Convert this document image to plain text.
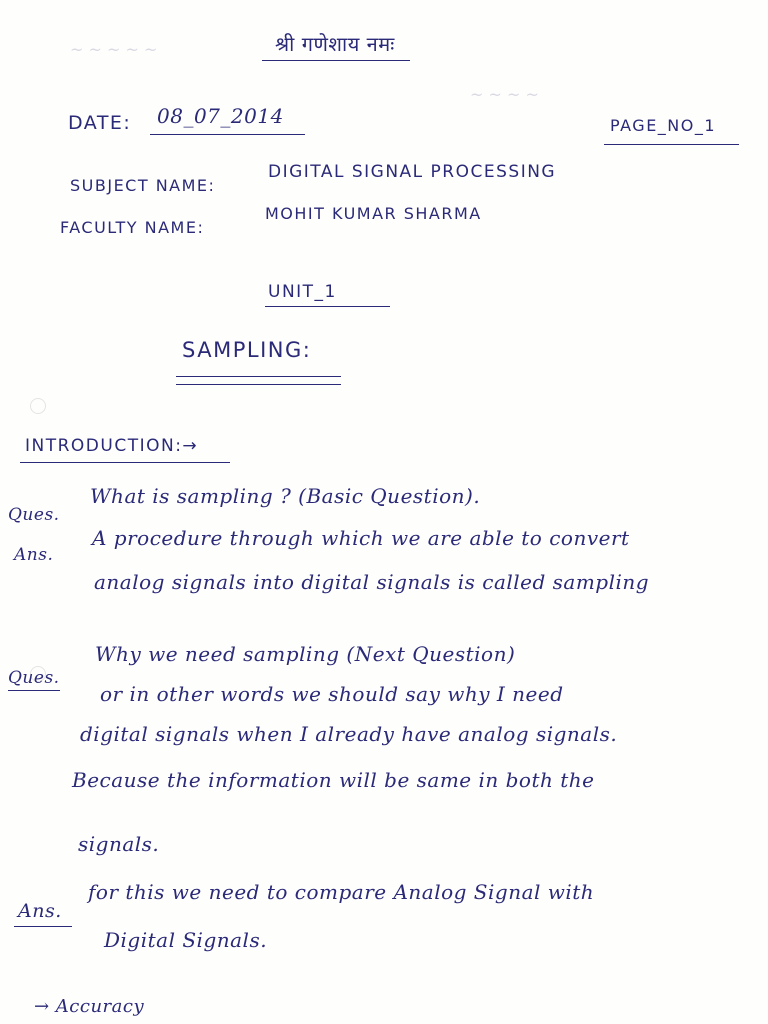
~ ~ ~ ~ ~
~ ~ ~ ~
श्री गणेशाय नमः
DATE: 08_07_2014	PAGE_NO_1
SUBJECT NAME:
DIGITAL SIGNAL PROCESSING
FACULTY NAME:
MOHIT KUMAR SHARMA
UNIT_1
SAMPLING:
INTRODUCTION:→
Ques.
What is sampling ? (Basic Question).
Ans.
A procedure through which we are able to convert
analog signals into digital signals is called sampling
Ques.
Why we need sampling (Next Question)
or in other words we should say why I need
digital signals when I already have analog signals.
Because the information will be same in both the
signals.
Ans.
for this we need to compare Analog Signal with
Digital Signals.
→ Accuracy
